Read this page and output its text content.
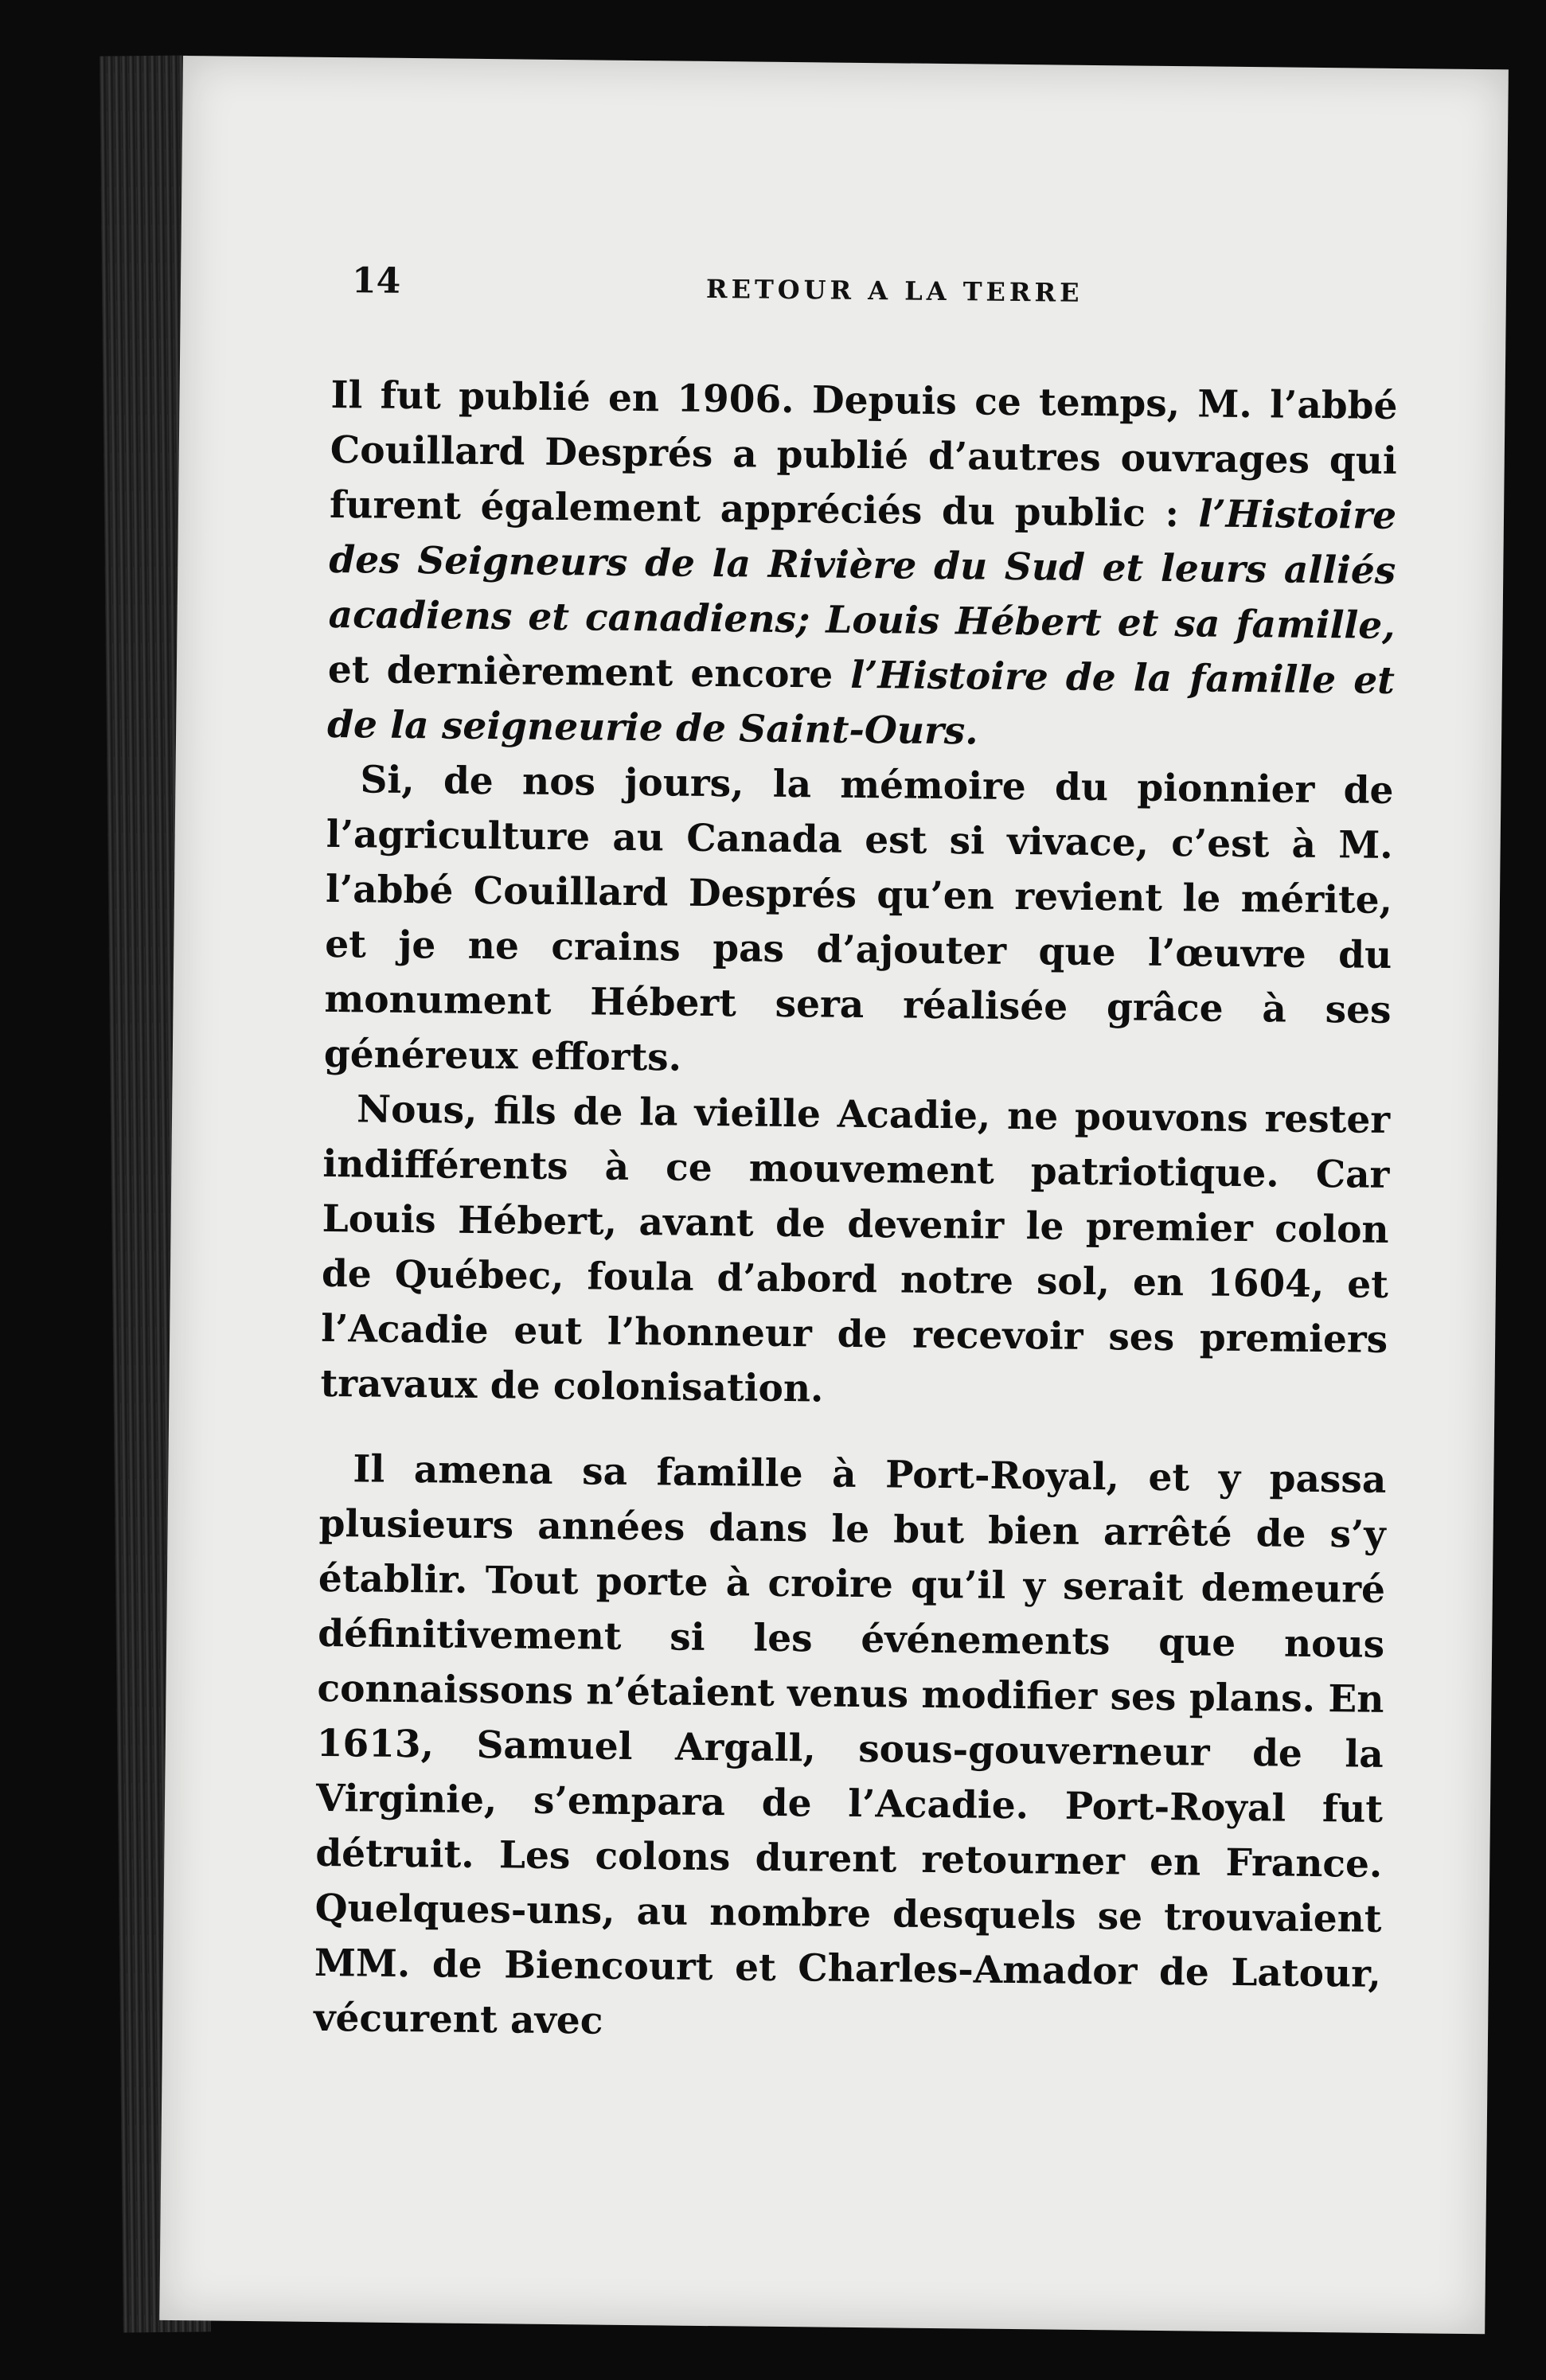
14	RETOUR A LA TERRE

Il fut publié en 1906. Depuis ce temps, M. l’abbé Couillard Després a publié d’autres ouvrages qui furent également appréciés du public : l’Histoire des Seigneurs de la Rivière du Sud et leurs alliés acadiens et canadiens; Louis Hébert et sa famille, et dernièrement encore l’Histoire de la famille et de la seigneurie de Saint-Ours.

Si, de nos jours, la mémoire du pionnier de l’agriculture au Canada est si vivace, c’est à M. l’abbé Couillard Després qu’en revient le mérite, et je ne crains pas d’ajouter que l’œuvre du monument Hébert sera réalisée grâce à ses généreux efforts.

Nous, fils de la vieille Acadie, ne pouvons rester indifférents à ce mouvement patriotique. Car Louis Hébert, avant de devenir le premier colon de Québec, foula d’abord notre sol, en 1604, et l’Acadie eut l’honneur de recevoir ses premiers travaux de colonisation.

Il amena sa famille à Port-Royal, et y passa plusieurs années dans le but bien arrêté de s’y établir. Tout porte à croire qu’il y serait demeuré définitivement si les événements que nous connaissons n’étaient venus modifier ses plans. En 1613, Samuel Argall, sous-gouverneur de la Virginie, s’empara de l’Acadie. Port-Royal fut détruit. Les colons durent retourner en France. Quelques-uns, au nombre desquels se trouvaient MM. de Biencourt et Charles-Amador de Latour, vécurent avec
